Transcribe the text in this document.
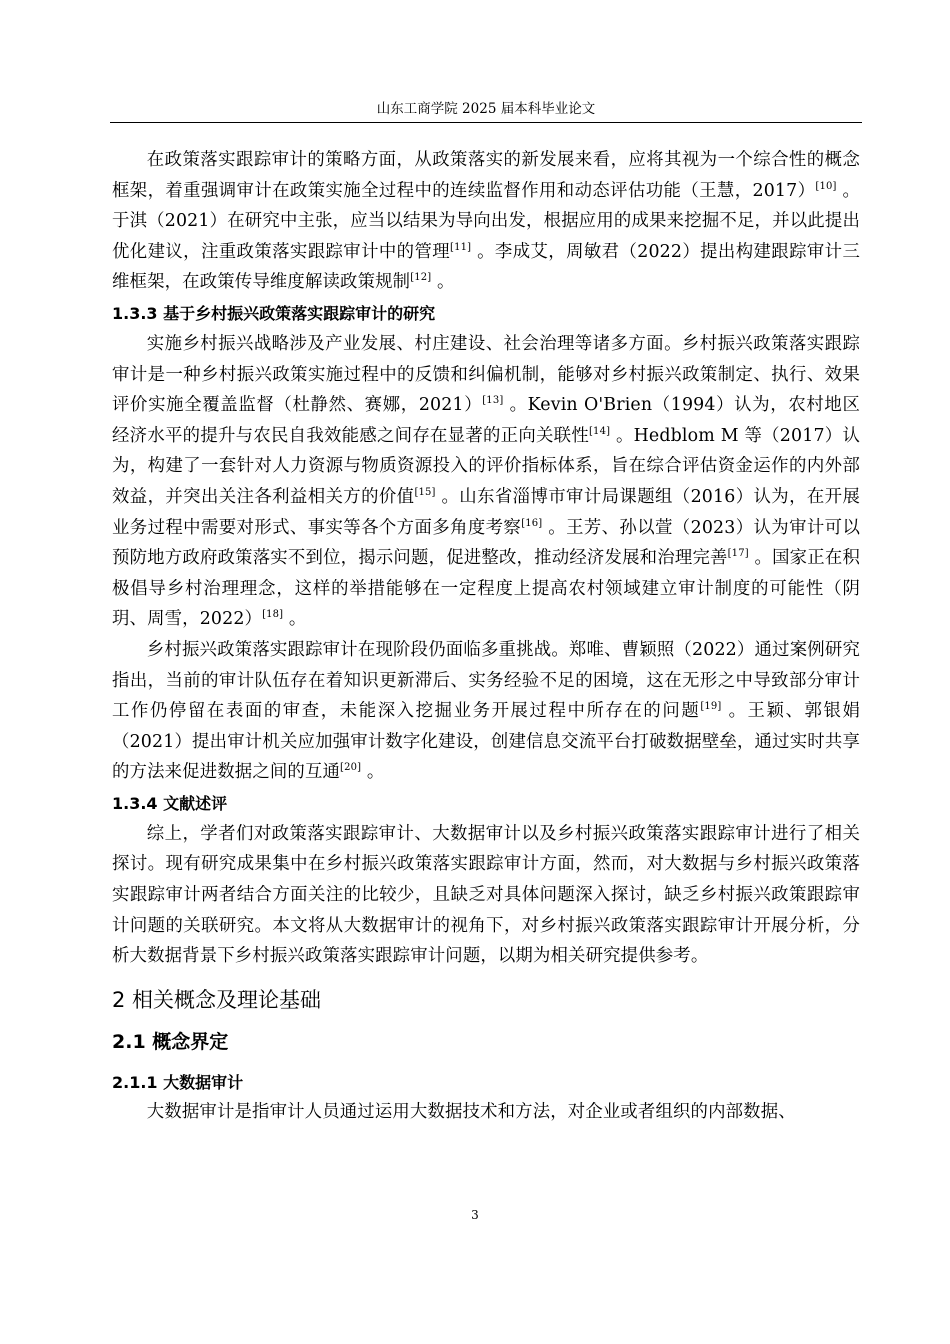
山东工商学院 2025 届本科毕业论文

在政策落实跟踪审计的策略方面，从政策落实的新发展来看，应将其视为一个综合性的概念框架，着重强调审计在政策实施全过程中的连续监督作用和动态评估功能（王慧，2017）[10] 。于淇（2021）在研究中主张，应当以结果为导向出发，根据应用的成果来挖掘不足，并以此提出优化建议，注重政策落实跟踪审计中的管理[11] 。李成艾，周敏君（2022）提出构建跟踪审计三维框架，在政策传导维度解读政策规制[12] 。

1.3.3 基于乡村振兴政策落实跟踪审计的研究

实施乡村振兴战略涉及产业发展、村庄建设、社会治理等诸多方面。乡村振兴政策落实跟踪审计是一种乡村振兴政策实施过程中的反馈和纠偏机制，能够对乡村振兴政策制定、执行、效果评价实施全覆盖监督（杜静然、赛娜，2021）[13] 。Kevin O'Brien（1994）认为，农村地区经济水平的提升与农民自我效能感之间存在显著的正向关联性[14] 。Hedblom M 等（2017）认为，构建了一套针对人力资源与物质资源投入的评价指标体系，旨在综合评估资金运作的内外部效益，并突出关注各利益相关方的价值[15] 。山东省淄博市审计局课题组（2016）认为，在开展业务过程中需要对形式、事实等各个方面多角度考察[16] 。王芳、孙以萱（2023）认为审计可以预防地方政府政策落实不到位，揭示问题，促进整改，推动经济发展和治理完善[17] 。国家正在积极倡导乡村治理理念，这样的举措能够在一定程度上提高农村领域建立审计制度的可能性（阴玥、周雪，2022）[18] 。

乡村振兴政策落实跟踪审计在现阶段仍面临多重挑战。郑唯、曹颖照（2022）通过案例研究指出，当前的审计队伍存在着知识更新滞后、实务经验不足的困境，这在无形之中导致部分审计工作仍停留在表面的审查，未能深入挖掘业务开展过程中所存在的问题[19] 。王颖、郭银娟（2021）提出审计机关应加强审计数字化建设，创建信息交流平台打破数据壁垒，通过实时共享的方法来促进数据之间的互通[20] 。

1.3.4 文献述评

综上，学者们对政策落实跟踪审计、大数据审计以及乡村振兴政策落实跟踪审计进行了相关探讨。现有研究成果集中在乡村振兴政策落实跟踪审计方面，然而，对大数据与乡村振兴政策落实跟踪审计两者结合方面关注的比较少，且缺乏对具体问题深入探讨，缺乏乡村振兴政策跟踪审计问题的关联研究。本文将从大数据审计的视角下，对乡村振兴政策落实跟踪审计开展分析，分析大数据背景下乡村振兴政策落实跟踪审计问题，以期为相关研究提供参考。

2 相关概念及理论基础
2.1 概念界定
2.1.1 大数据审计

大数据审计是指审计人员通过运用大数据技术和方法，对企业或者组织的内部数据、

3
